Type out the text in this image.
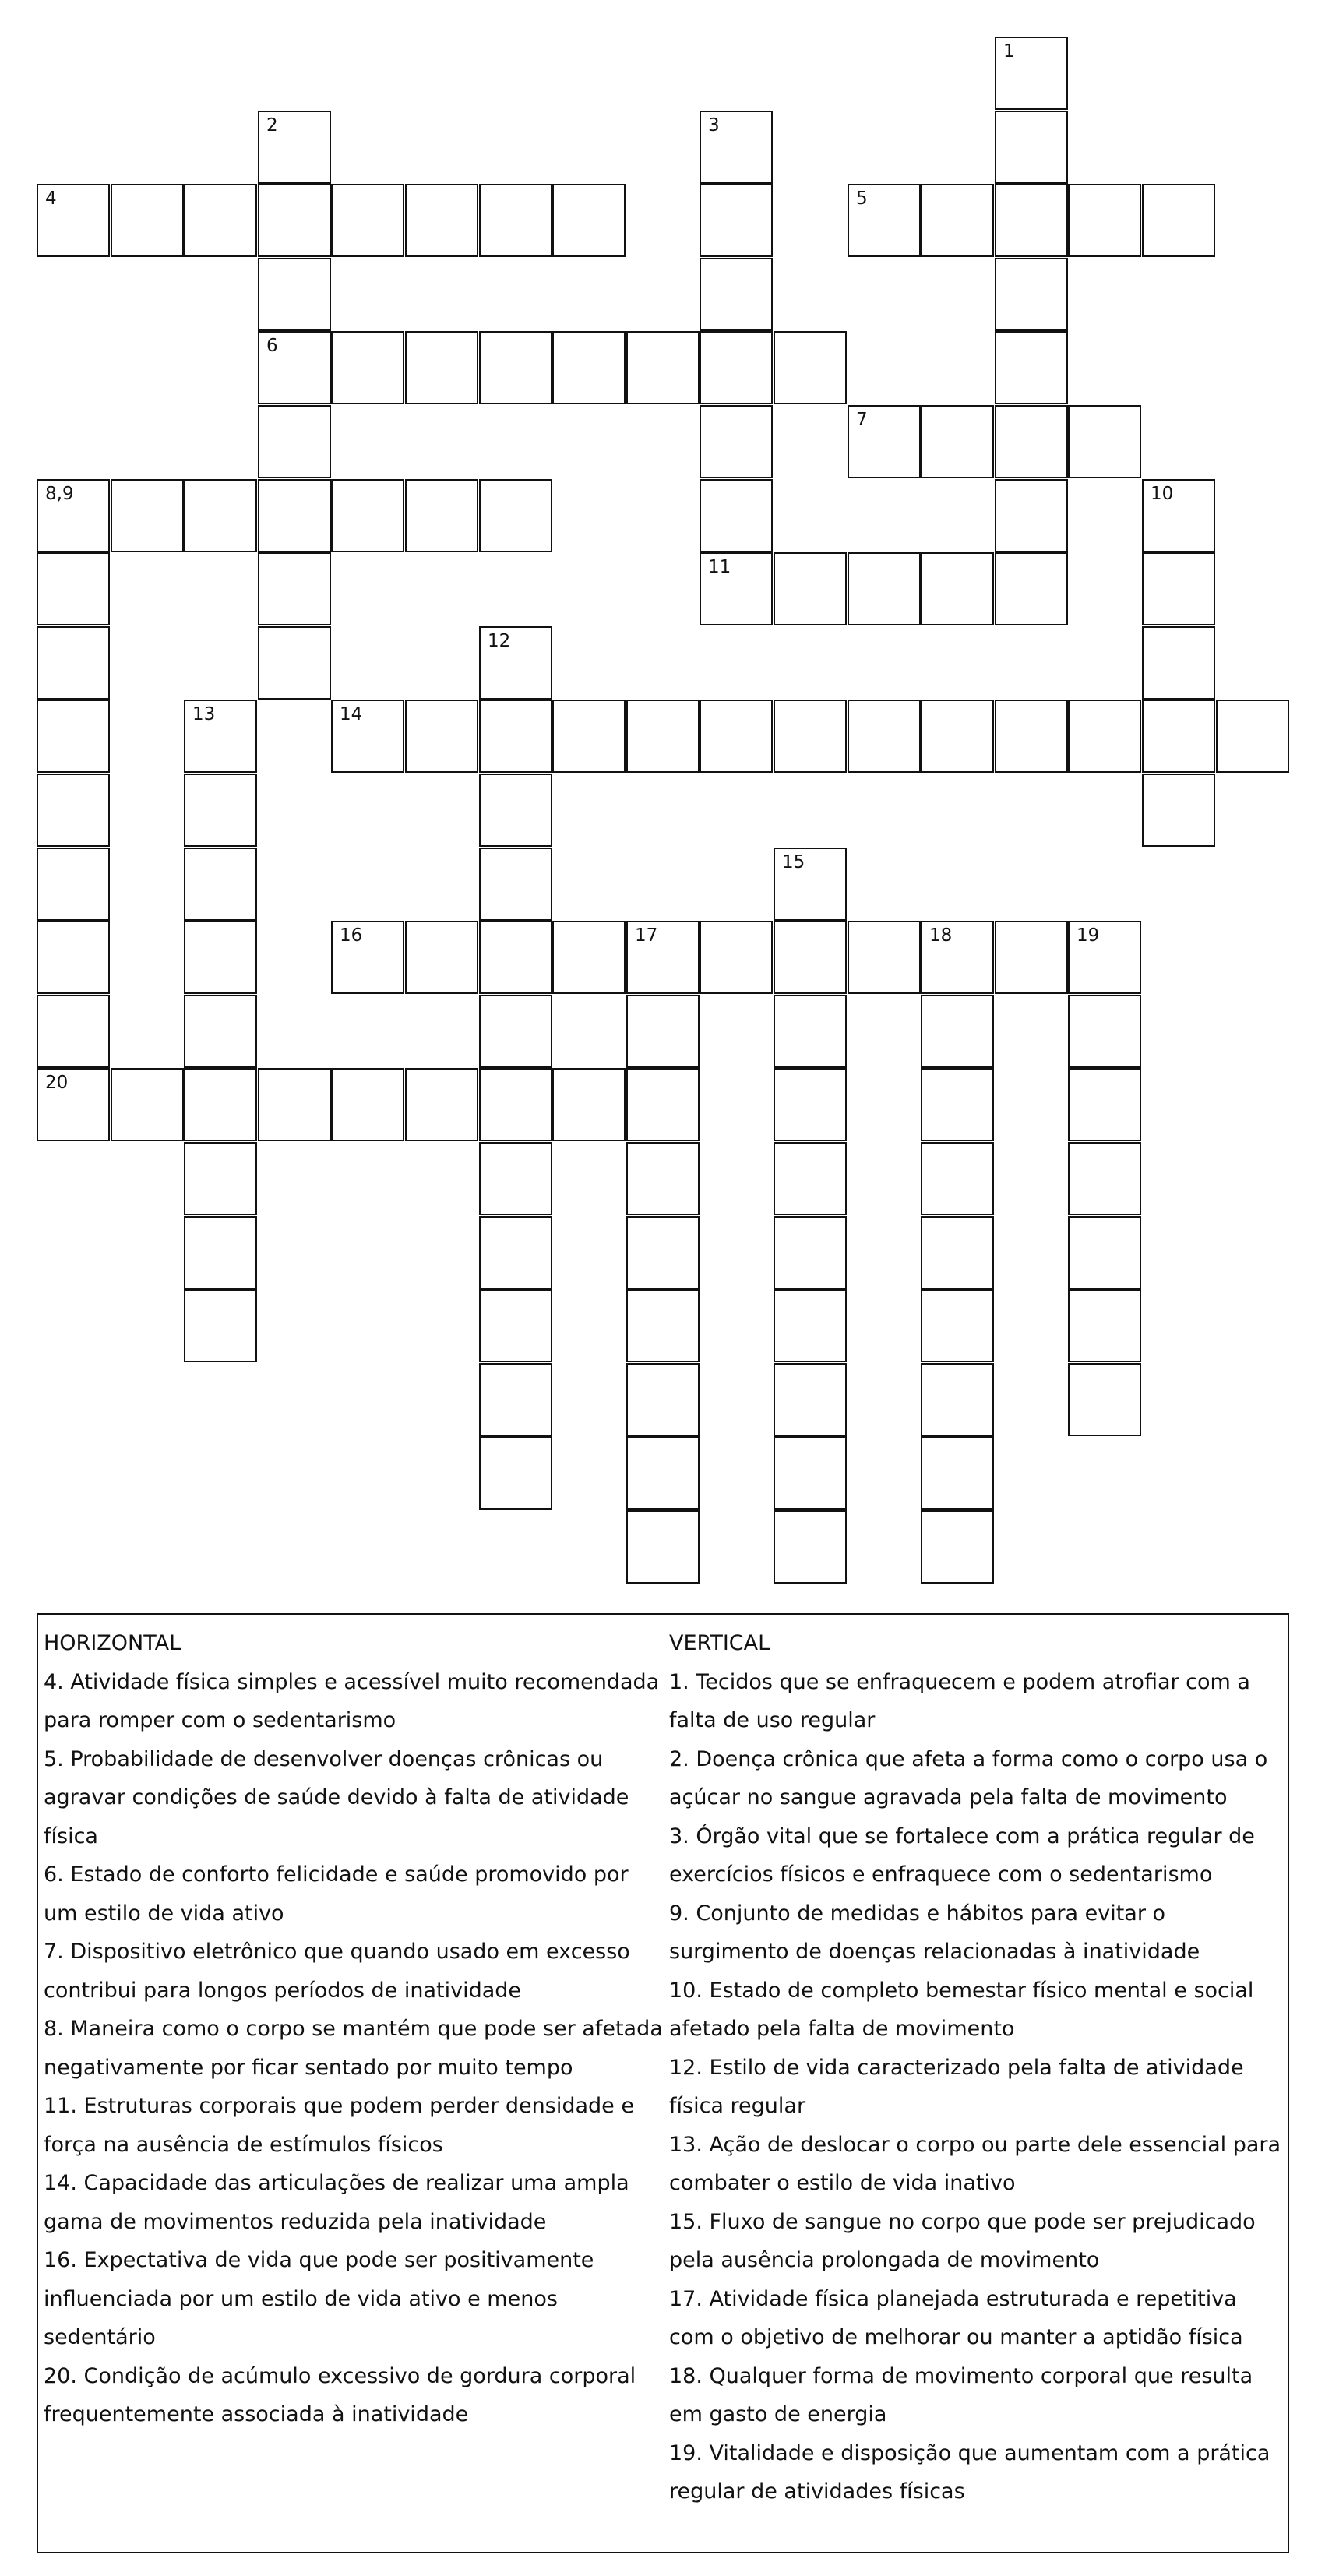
4	5
6
7
8,9
11
14
16	17	18	19
20
1
2	3
10
12
13
15
HORIZONTAL
4. Atividade física simples e acessível muito recomendada para romper com o sedentarismo
5. Probabilidade de desenvolver doenças crônicas ou agravar condições de saúde devido à falta de atividade física
6. Estado de conforto felicidade e saúde promovido por um estilo de vida ativo
7. Dispositivo eletrônico que quando usado em excesso contribui para longos períodos de inatividade
8. Maneira como o corpo se mantém que pode ser afetada negativamente por ficar sentado por muito tempo
11. Estruturas corporais que podem perder densidade e força na ausência de estímulos físicos
14. Capacidade das articulações de realizar uma ampla gama de movimentos reduzida pela inatividade
16. Expectativa de vida que pode ser positivamente influenciada por um estilo de vida ativo e menos sedentário
20. Condição de acúmulo excessivo de gordura corporal frequentemente associada à inatividade
VERTICAL
1. Tecidos que se enfraquecem e podem atrofiar com a falta de uso regular
2. Doença crônica que afeta a forma como o corpo usa o açúcar no sangue agravada pela falta de movimento
3. Órgão vital que se fortalece com a prática regular de exercícios físicos e enfraquece com o sedentarismo
9. Conjunto de medidas e hábitos para evitar o surgimento de doenças relacionadas à inatividade
10. Estado de completo bemestar físico mental e social afetado pela falta de movimento
12. Estilo de vida caracterizado pela falta de atividade física regular
13. Ação de deslocar o corpo ou parte dele essencial para combater o estilo de vida inativo
15. Fluxo de sangue no corpo que pode ser prejudicado pela ausência prolongada de movimento
17. Atividade física planejada estruturada e repetitiva com o objetivo de melhorar ou manter a aptidão física
18. Qualquer forma de movimento corporal que resulta em gasto de energia
19. Vitalidade e disposição que aumentam com a prática regular de atividades físicas
